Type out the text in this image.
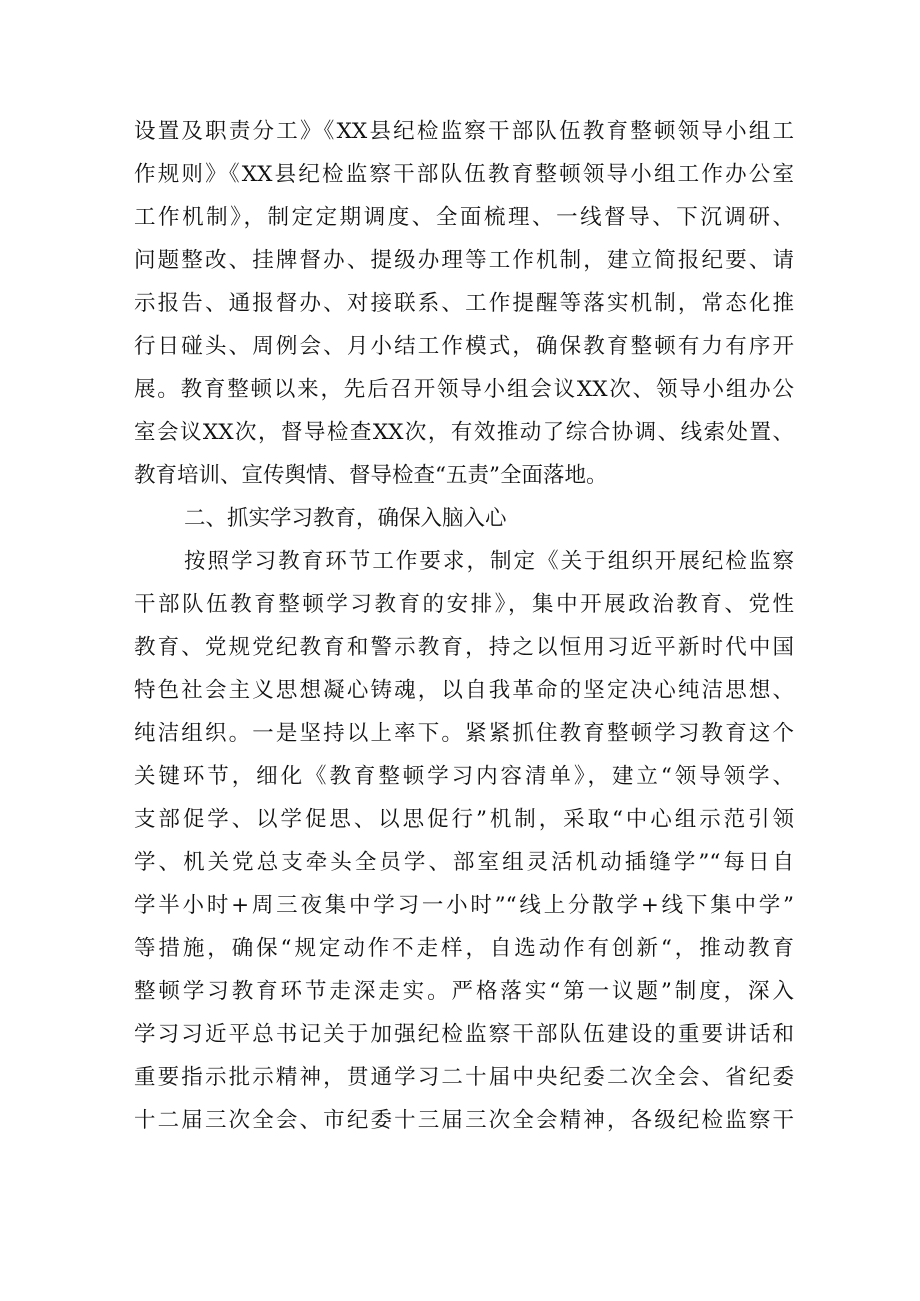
设置及职责分工》《XX县纪检监察干部队伍教育整顿领导小组工
作规则》《XX县纪检监察干部队伍教育整顿领导小组工作办公室
工作机制》，制定定期调度、全面梳理、一线督导、下沉调研、
问题整改、挂牌督办、提级办理等工作机制，建立简报纪要、请
示报告、通报督办、对接联系、工作提醒等落实机制，常态化推
行日碰头、周例会、月小结工作模式，确保教育整顿有力有序开
展。教育整顿以来，先后召开领导小组会议XX次、领导小组办公
室会议XX次，督导检查XX次，有效推动了综合协调、线索处置、
教育培训、宣传舆情、督导检查“五责”全面落地。
二、抓实学习教育，确保入脑入心
按照学习教育环节工作要求，制定《关于组织开展纪检监察
干部队伍教育整顿学习教育的安排》，集中开展政治教育、党性
教育、党规党纪教育和警示教育，持之以恒用习近平新时代中国
特色社会主义思想凝心铸魂，以自我革命的坚定决心纯洁思想、
纯洁组织。一是坚持以上率下。紧紧抓住教育整顿学习教育这个
关键环节，细化《教育整顿学习内容清单》，建立“领导领学、
支部促学、以学促思、以思促行”机制，采取“中心组示范引领
学、机关党总支牵头全员学、部室组灵活机动插缝学”“每日自
学半小时+周三夜集中学习一小时”“线上分散学+线下集中学”
等措施，确保“规定动作不走样，自选动作有创新“，推动教育
整顿学习教育环节走深走实。严格落实“第一议题”制度，深入
学习习近平总书记关于加强纪检监察干部队伍建设的重要讲话和
重要指示批示精神，贯通学习二十届中央纪委二次全会、省纪委
十二届三次全会、市纪委十三届三次全会精神，各级纪检监察干
